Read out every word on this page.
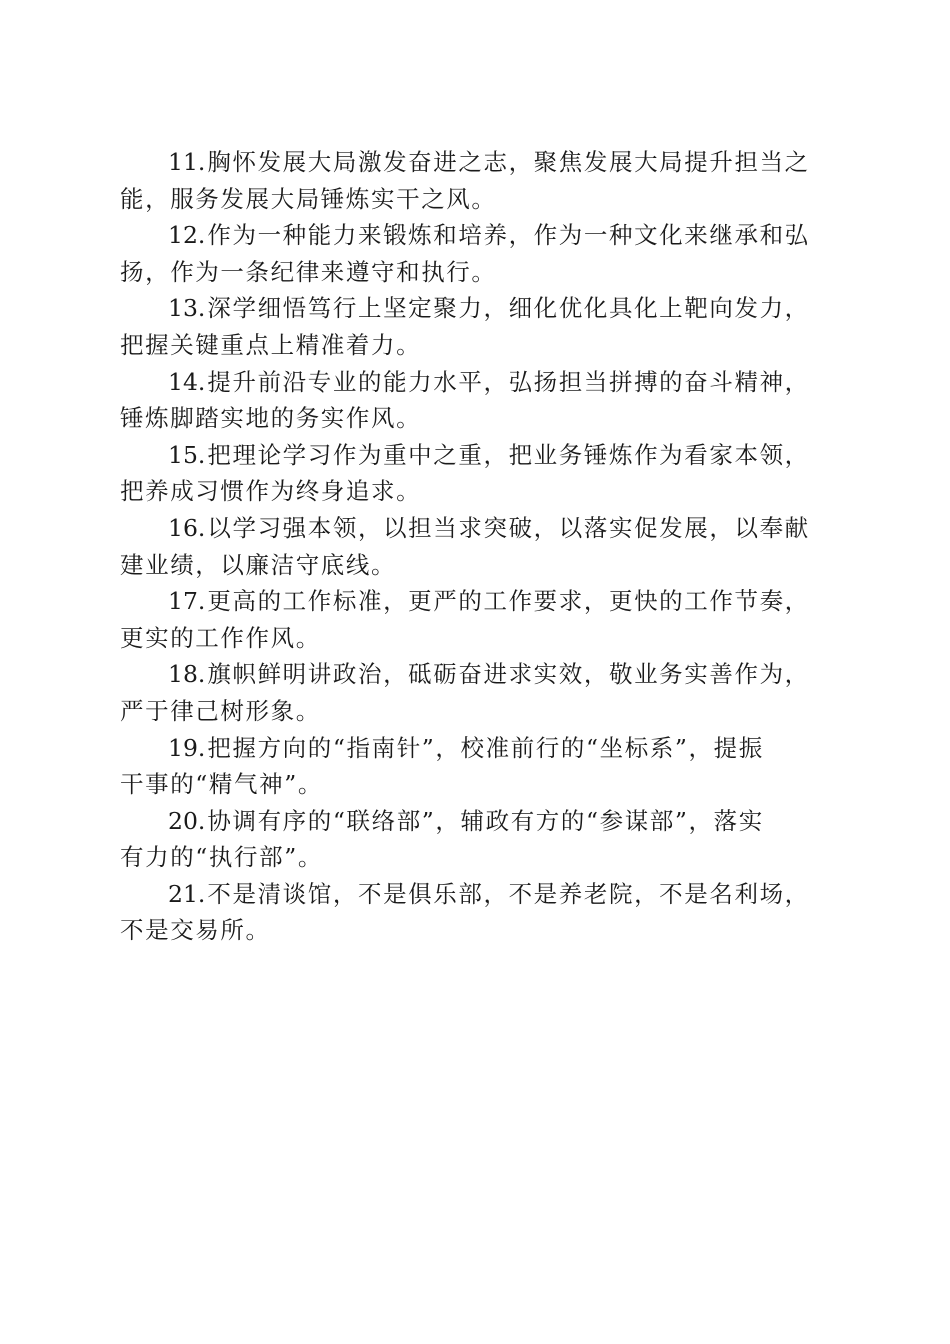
11.胸怀发展大局激发奋进之志，聚焦发展大局提升担当之
能，服务发展大局锤炼实干之风。
12.作为一种能力来锻炼和培养，作为一种文化来继承和弘
扬，作为一条纪律来遵守和执行。
13.深学细悟笃行上坚定聚力，细化优化具化上靶向发力，
把握关键重点上精准着力。
14.提升前沿专业的能力水平，弘扬担当拼搏的奋斗精神，
锤炼脚踏实地的务实作风。
15.把理论学习作为重中之重，把业务锤炼作为看家本领，
把养成习惯作为终身追求。
16.以学习强本领，以担当求突破，以落实促发展，以奉献
建业绩，以廉洁守底线。
17.更高的工作标准，更严的工作要求，更快的工作节奏，
更实的工作作风。
18.旗帜鲜明讲政治，砥砺奋进求实效，敬业务实善作为，
严于律己树形象。
19.把握方向的“指南针”，校准前行的“坐标系”，提振
干事的“精气神”。
20.协调有序的“联络部”，辅政有方的“参谋部”，落实
有力的“执行部”。
21.不是清谈馆，不是俱乐部，不是养老院，不是名利场，
不是交易所。
